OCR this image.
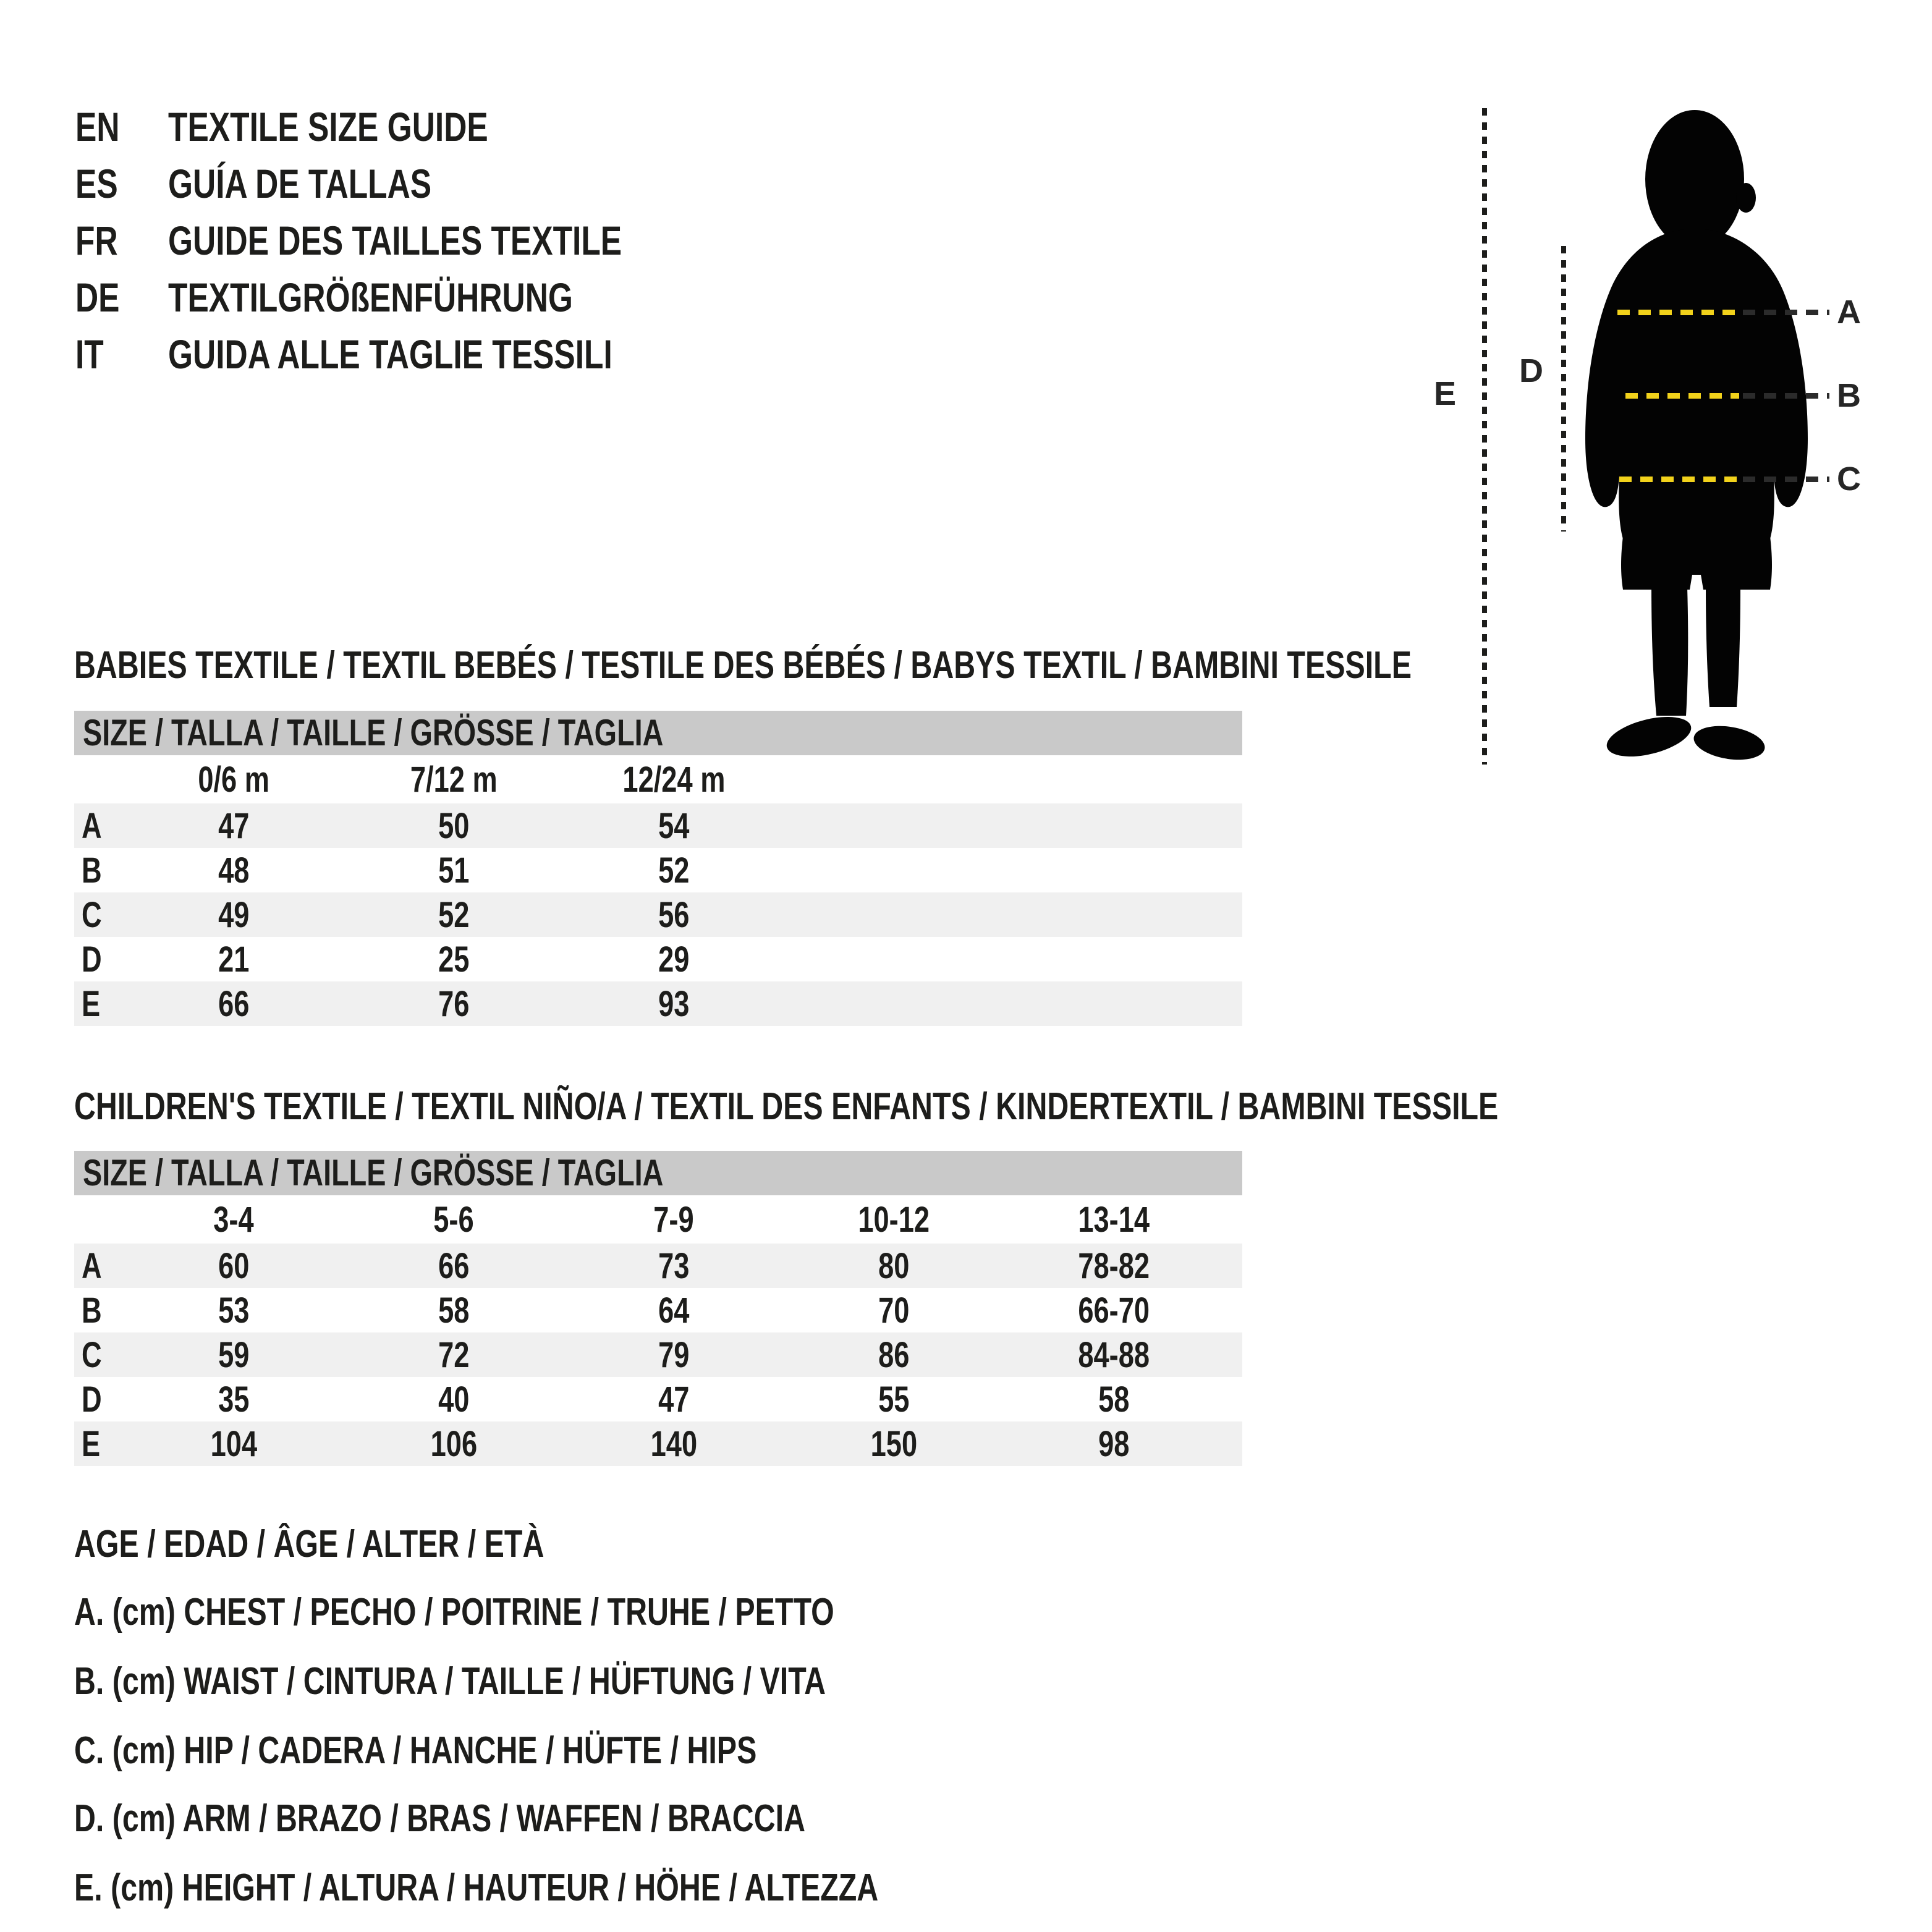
EN	TEXTILE SIZE GUIDE
ES GUÍA DE TALLAS
FR GUIDE DES TAILLES TEXTILE
DE	TEXTILGRÖßENFÜHRUNG
IT GUIDA ALLE TAGLIE TESSILI
E
D
A
B
C
BABIES TEXTILE / TEXTIL BEBÉS / TESTILE DES BÉBÉS / BABYS TEXTIL / BAMBINI TESSILE
SIZE / TALLA / TAILLE / GRÖSSE / TAGLIA
0/6 m	7/12 m	12/24 m
A	47	50	54
B	48	51	52
C	49	52	56
D	21	25	29
E	66	76	93
CHILDREN'S TEXTILE / TEXTIL NIÑO/A / TEXTIL DES ENFANTS / KINDERTEXTIL / BAMBINI TESSILE
SIZE / TALLA / TAILLE / GRÖSSE / TAGLIA
3-4	5-6	7-9	10-12	13-14
A	60	66	73	80	78-82
B	53	58	64	70	66-70
C	59	72	79	86	84-88
D	35	40	47	55	58
E	104	106	140	150	98
AGE / EDAD / ÂGE / ALTER / ETÀ
A. (cm) CHEST / PECHO / POITRINE / TRUHE / PETTO
B. (cm) WAIST / CINTURA / TAILLE / HÜFTUNG / VITA
C. (cm) HIP / CADERA / HANCHE / HÜFTE / HIPS
D. (cm) ARM / BRAZO / BRAS / WAFFEN / BRACCIA
E. (cm) HEIGHT / ALTURA / HAUTEUR / HÖHE / ALTEZZA
